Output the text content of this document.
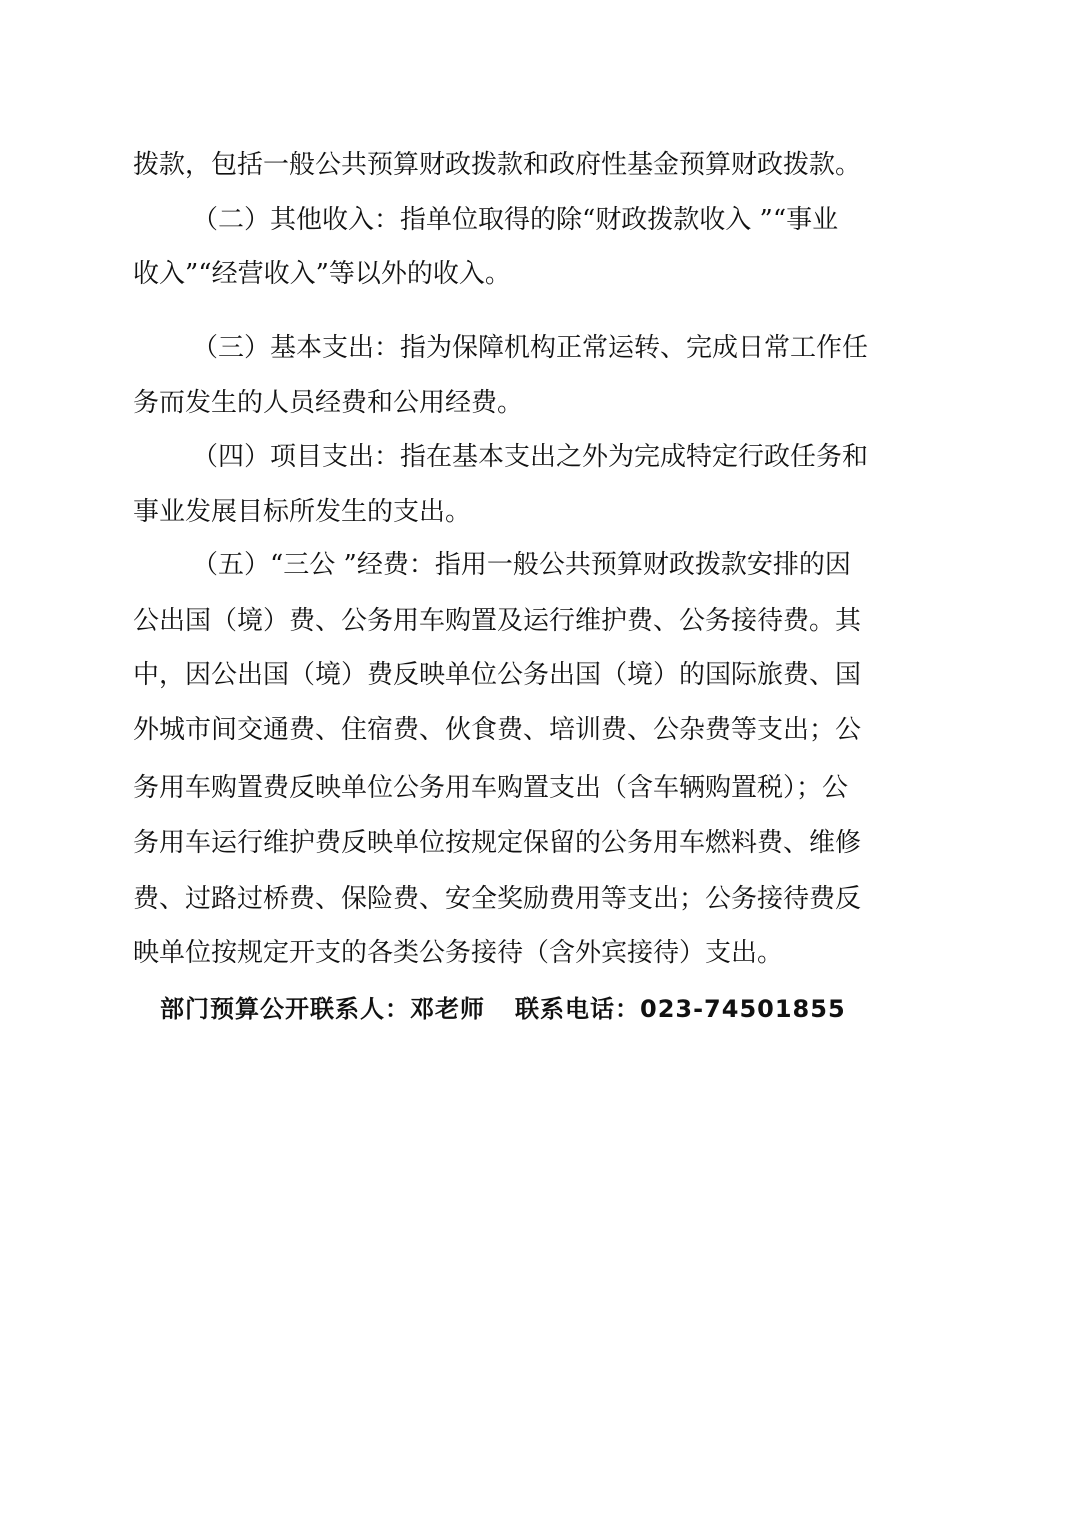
拨款，包括一般公共预算财政拨款和政府性基金预算财政拨款。
（二）其他收入：指单位取得的除“财政拨款收入 ”“事业
收入”“经营收入”等以外的收入。
（三）基本支出：指为保障机构正常运转、完成日常工作任
务而发生的人员经费和公用经费。
（四）项目支出：指在基本支出之外为完成特定行政任务和
事业发展目标所发生的支出。
（五）“三公 ”经费：指用一般公共预算财政拨款安排的因
公出国（境）费、公务用车购置及运行维护费、公务接待费。其
中，因公出国（境）费反映单位公务出国（境）的国际旅费、国
外城市间交通费、住宿费、伙食费、培训费、公杂费等支出；公
务用车购置费反映单位公务用车购置支出（含车辆购置税）；公
务用车运行维护费反映单位按规定保留的公务用车燃料费、维修
费、过路过桥费、保险费、安全奖励费用等支出；公务接待费反
映单位按规定开支的各类公务接待（含外宾接待）支出。
部门预算公开联系人：邓老师 联系电话：023-74501855
